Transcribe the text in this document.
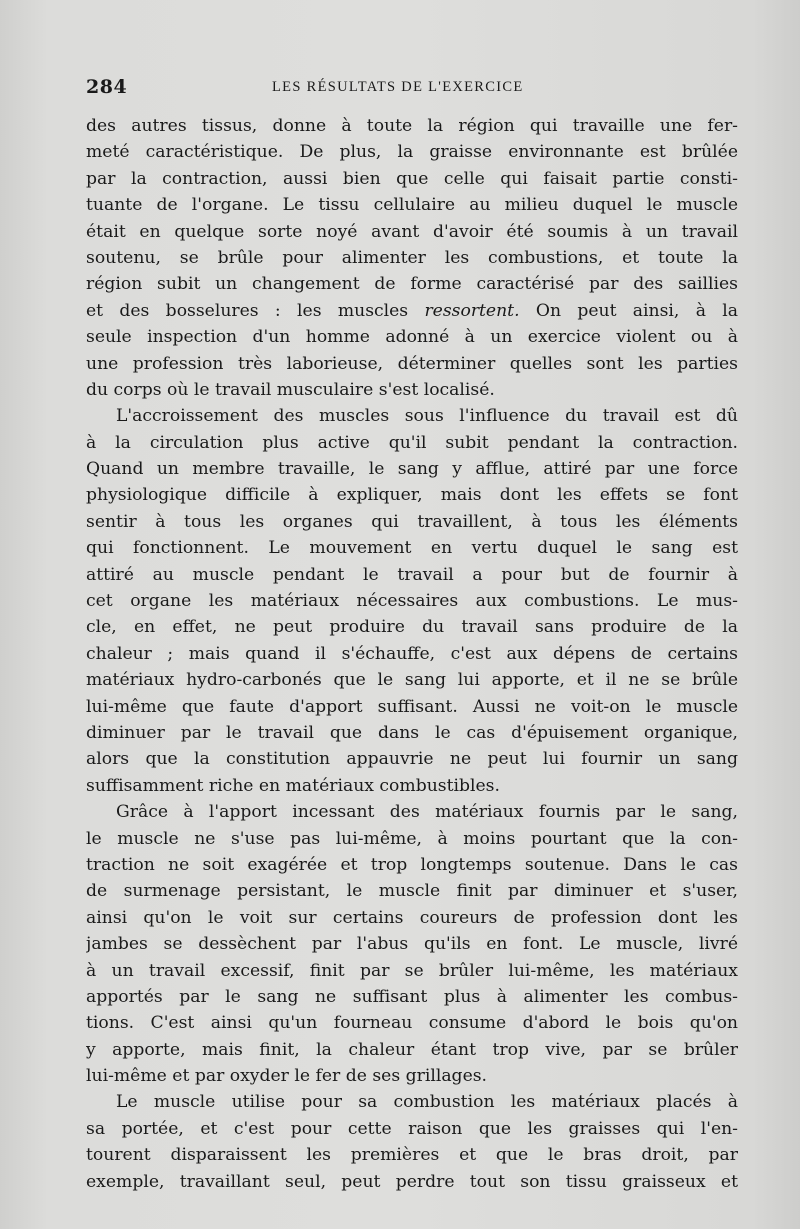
284	LES RÉSULTATS DE L'EXERCICE
des autres tissus, donne à toute la région qui travaille une fer-
meté caractéristique. De plus, la graisse environnante est brûlée
par la contraction, aussi bien que celle qui faisait partie consti-
tuante de l'organe. Le tissu cellulaire au milieu duquel le muscle
était en quelque sorte noyé avant d'avoir été soumis à un travail
soutenu, se brûle pour alimenter les combustions, et toute la
région subit un changement de forme caractérisé par des saillies
et des bosselures : les muscles ressortent. On peut ainsi, à la
seule inspection d'un homme adonné à un exercice violent ou à
une profession très laborieuse, déterminer quelles sont les parties
du corps où le travail musculaire s'est localisé.
L'accroissement des muscles sous l'influence du travail est dû
à la circulation plus active qu'il subit pendant la contraction.
Quand un membre travaille, le sang y afflue, attiré par une force
physiologique difficile à expliquer, mais dont les effets se font
sentir à tous les organes qui travaillent, à tous les éléments
qui fonctionnent. Le mouvement en vertu duquel le sang est
attiré au muscle pendant le travail a pour but de fournir à
cet organe les matériaux nécessaires aux combustions. Le mus-
cle, en effet, ne peut produire du travail sans produire de la
chaleur ; mais quand il s'échauffe, c'est aux dépens de certains
matériaux hydro-carbonés que le sang lui apporte, et il ne se brûle
lui-même que faute d'apport suffisant. Aussi ne voit-on le muscle
diminuer par le travail que dans le cas d'épuisement organique,
alors que la constitution appauvrie ne peut lui fournir un sang
suffisamment riche en matériaux combustibles.
Grâce à l'apport incessant des matériaux fournis par le sang,
le muscle ne s'use pas lui-même, à moins pourtant que la con-
traction ne soit exagérée et trop longtemps soutenue. Dans le cas
de surmenage persistant, le muscle finit par diminuer et s'user,
ainsi qu'on le voit sur certains coureurs de profession dont les
jambes se dessèchent par l'abus qu'ils en font. Le muscle, livré
à un travail excessif, finit par se brûler lui-même, les matériaux
apportés par le sang ne suffisant plus à alimenter les combus-
tions. C'est ainsi qu'un fourneau consume d'abord le bois qu'on
y apporte, mais finit, la chaleur étant trop vive, par se brûler
lui-même et par oxyder le fer de ses grillages.
Le muscle utilise pour sa combustion les matériaux placés à
sa portée, et c'est pour cette raison que les graisses qui l'en-
tourent disparaissent les premières et que le bras droit, par
exemple, travaillant seul, peut perdre tout son tissu graisseux et
